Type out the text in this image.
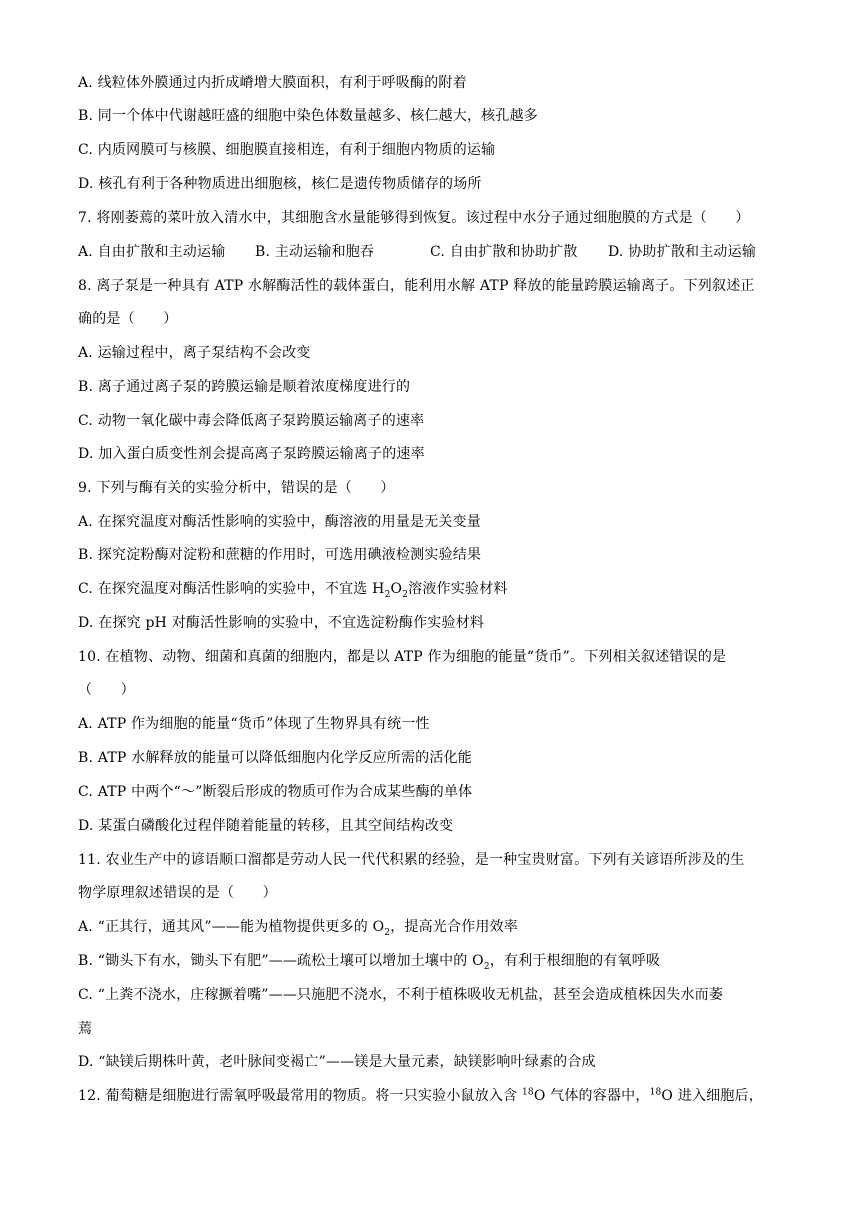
A. 线粒体外膜通过内折成嵴增大膜面积，有利于呼吸酶的附着
B. 同一个体中代谢越旺盛的细胞中染色体数量越多、核仁越大，核孔越多
C. 内质网膜可与核膜、细胞膜直接相连，有利于细胞内物质的运输
D. 核孔有利于各种物质进出细胞核，核仁是遗传物质储存的场所
7. 将刚萎蔫的菜叶放入清水中，其细胞含水量能够得到恢复。该过程中水分子通过细胞膜的方式是（　　）
A. 自由扩散和主动运输 B. 主动运输和胞吞	C. 自由扩散和协助扩散 D. 协助扩散和主动运输
8. 离子泵是一种具有 ATP 水解酶活性的载体蛋白，能利用水解 ATP 释放的能量跨膜运输离子。下列叙述正
确的是（　　）
A. 运输过程中，离子泵结构不会改变
B. 离子通过离子泵的跨膜运输是顺着浓度梯度进行的
C. 动物一氧化碳中毒会降低离子泵跨膜运输离子的速率
D. 加入蛋白质变性剂会提高离子泵跨膜运输离子的速率
9. 下列与酶有关的实验分析中，错误的是（　　）
A. 在探究温度对酶活性影响的实验中，酶溶液的用量是无关变量
B. 探究淀粉酶对淀粉和蔗糖的作用时，可选用碘液检测实验结果
C. 在探究温度对酶活性影响的实验中，不宜选 $H_2O_2$溶液作实验材料
D. 在探究 pH 对酶活性影响的实验中，不宜选淀粉酶作实验材料
10. 在植物、动物、细菌和真菌的细胞内，都是以 ATP 作为细胞的能量“货币”。下列相关叙述错误的是
（　　）
A. ATP 作为细胞的能量“货币”体现了生物界具有统一性
B. ATP 水解释放的能量可以降低细胞内化学反应所需的活化能
C. ATP 中两个“～”断裂后形成的物质可作为合成某些酶的单体
D. 某蛋白磷酸化过程伴随着能量的转移，且其空间结构改变
11. 农业生产中的谚语顺口溜都是劳动人民一代代积累的经验，是一种宝贵财富。下列有关谚语所涉及的生
物学原理叙述错误的是（　　）
A. “正其行，通其风”——能为植物提供更多的 $O_2$，提高光合作用效率
B. “锄头下有水，锄头下有肥”——疏松土壤可以增加土壤中的 $O_2$，有利于根细胞的有氧呼吸
C. “上粪不浇水，庄稼撅着嘴”——只施肥不浇水，不利于植株吸收无机盐，甚至会造成植株因失水而萎
蔫
D. “缺镁后期株叶黄，老叶脉间变褐亡”——镁是大量元素，缺镁影响叶绿素的合成
12. 葡萄糖是细胞进行需氧呼吸最常用的物质。将一只实验小鼠放入含 $^{18}$O 气体的容器中，$^{18}$O 进入细胞后，
